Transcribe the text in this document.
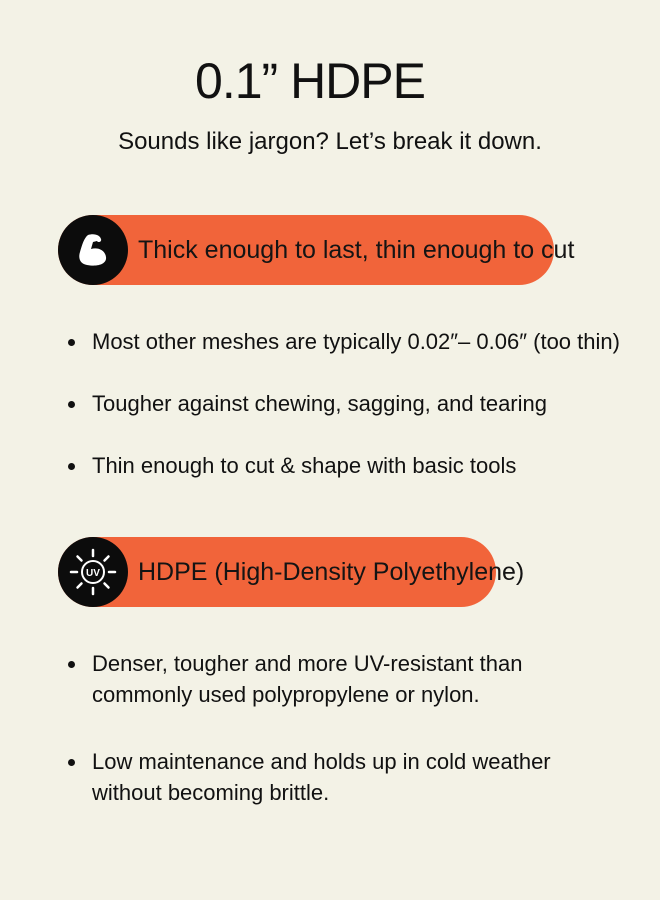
0.1” HDPE

Sounds like jargon? Let’s break it down.

Thick enough to last, thin enough to cut
Most other meshes are typically 0.02″– 0.06″ (too thin)
Tougher against chewing, sagging, and tearing
Thin enough to cut & shape with basic tools
UV HDPE (High-Density Polyethylene)
Denser, tougher and more UV-resistant than commonly used polypropylene or nylon.
Low maintenance and holds up in cold weather without becoming brittle.
